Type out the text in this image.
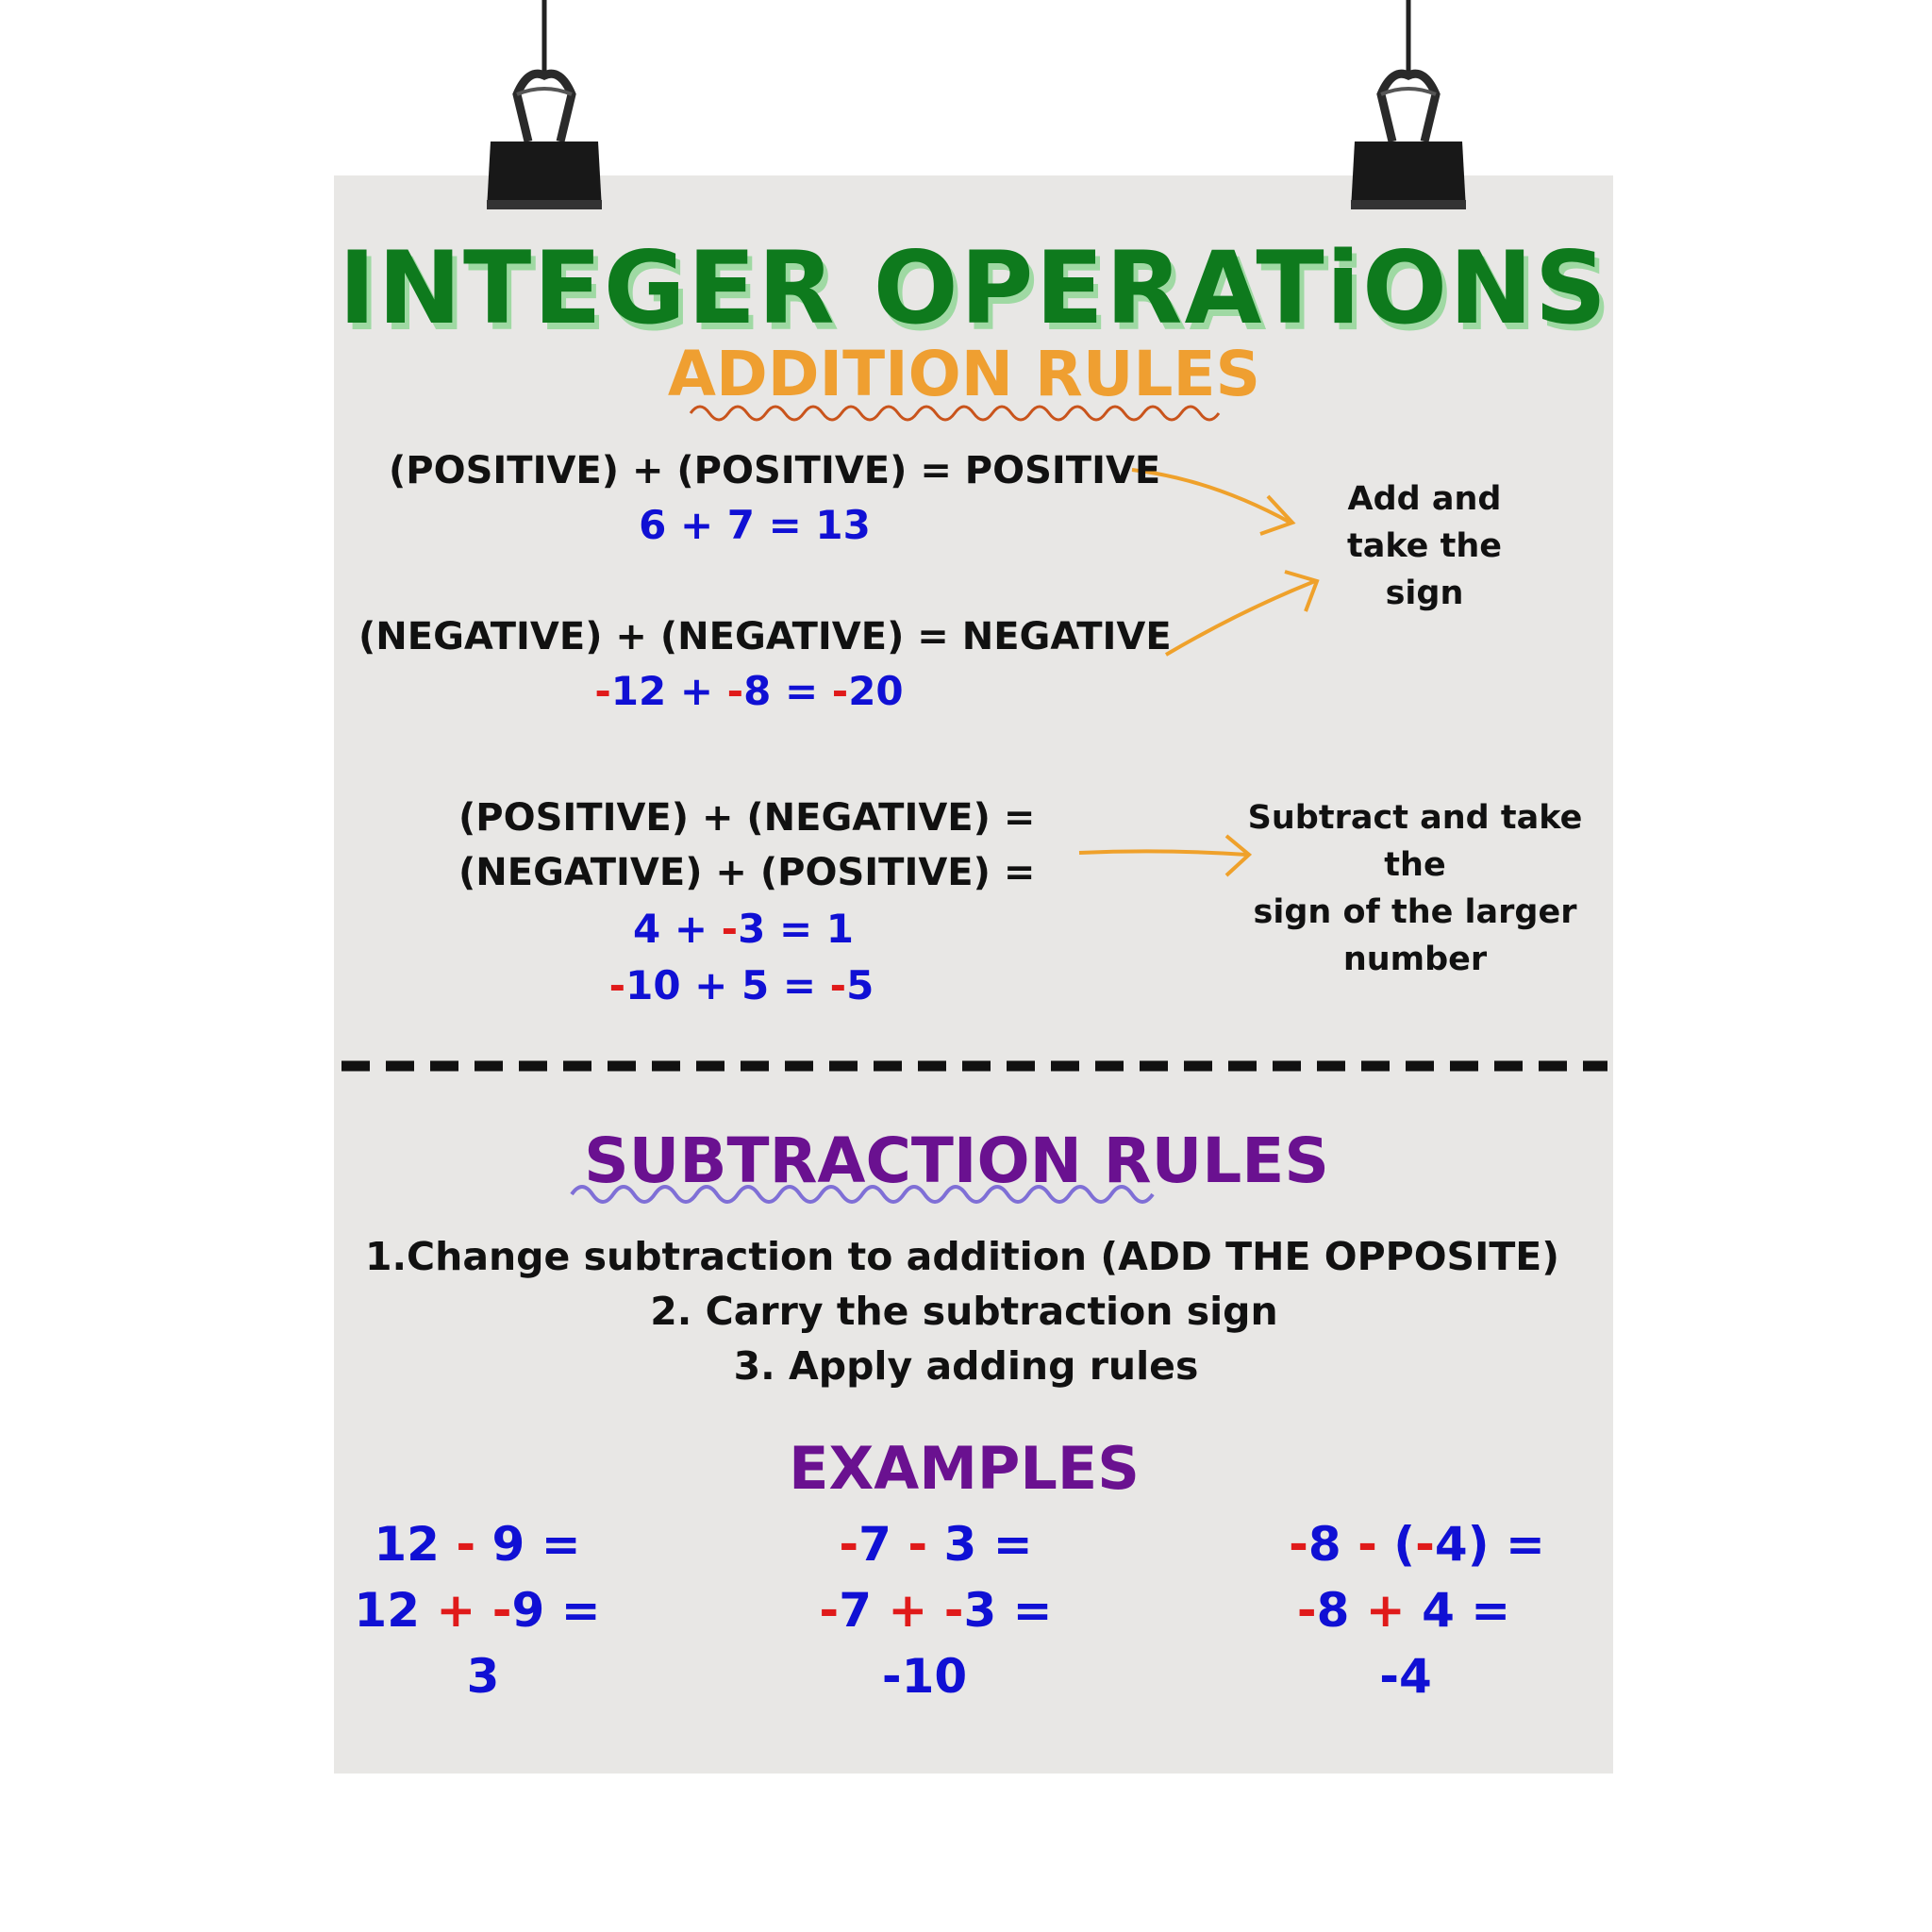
INTEGER OPERATiONS
ADDITION RULES
(POSITIVE) + (POSITIVE) = POSITIVE
6 + 7 = 13
(NEGATIVE) + (NEGATIVE) = NEGATIVE
-12 + -8 = -20
Add and
take the
sign
(POSITIVE) + (NEGATIVE) =
(NEGATIVE) + (POSITIVE) =
4 + -3 = 1
-10 + 5 = -5
Subtract and take
the
sign of the larger
number
SUBTRACTION RULES
1.Change subtraction to addition (ADD THE OPPOSITE)
2. Carry the subtraction sign
3. Apply adding rules
EXAMPLES
12 - 9 =
12 + -9 =
3
-7 - 3 =
-7 + -3 =
-10
-8 - (-4) =
-8 + 4 =
-4
